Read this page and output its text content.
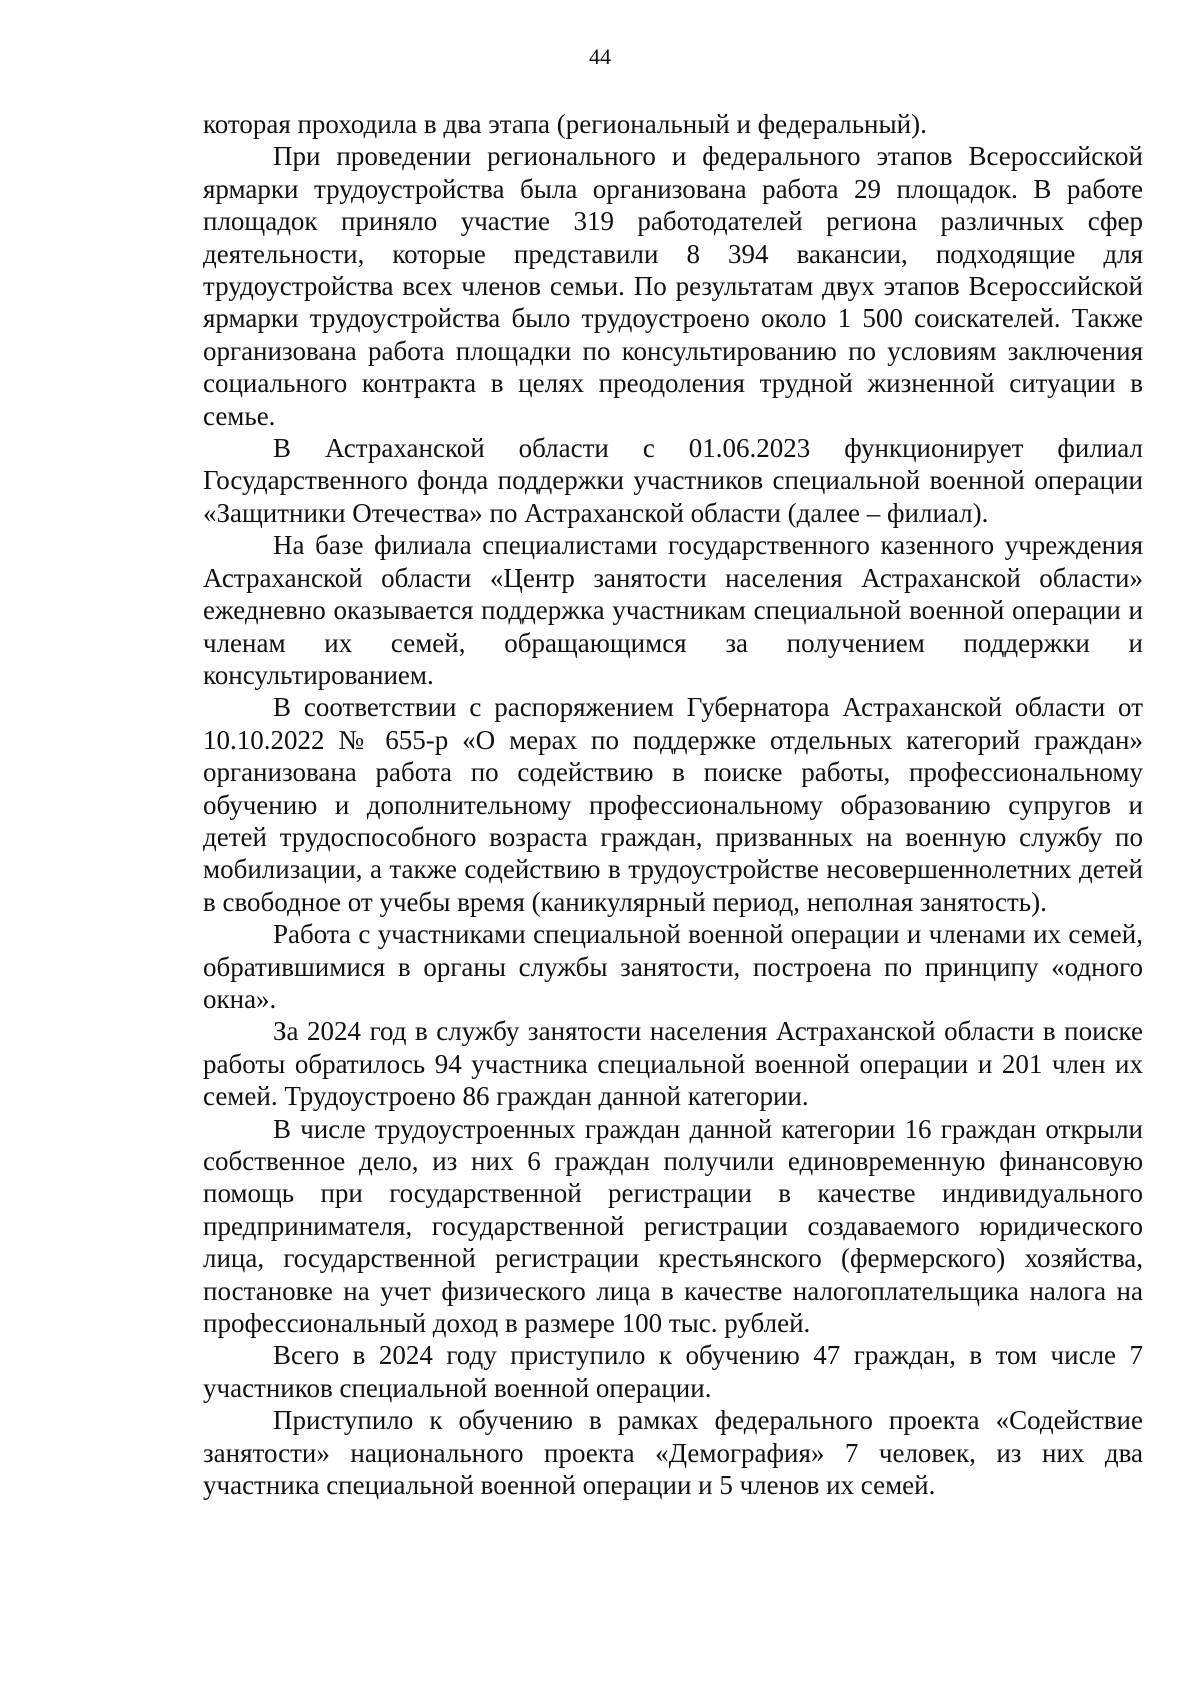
44

которая проходила в два этапа (региональный и федеральный).

При проведении регионального и федерального этапов Всероссийской ярмарки трудоустройства была организована работа 29 площадок. В работе площадок приняло участие 319 работодателей региона различных сфер деятельности, которые представили 8 394 вакансии, подходящие для трудоустройства всех членов семьи. По результатам двух этапов Всероссийской ярмарки трудоустройства было трудоустроено около 1 500 соискателей. Также организована работа площадки по консультированию по условиям заключения социального контракта в целях преодоления трудной жизненной ситуации в семье.

В Астраханской области с 01.06.2023 функционирует филиал Государственного фонда поддержки участников специальной военной операции «Защитники Отечества» по Астраханской области (далее – филиал).

На базе филиала специалистами государственного казенного учреждения Астраханской области «Центр занятости населения Астраханской области» ежедневно оказывается поддержка участникам специальной военной операции и членам их семей, обращающимся за получением поддержки и консультированием.

В соответствии с распоряжением Губернатора Астраханской области от 10.10.2022 № 655-р «О мерах по поддержке отдельных категорий граждан» организована работа по содействию в поиске работы, профессиональному обучению и дополнительному профессиональному образованию супругов и детей трудоспособного возраста граждан, призванных на военную службу по мобилизации, а также содействию в трудоустройстве несовершеннолетних детей в свободное от учебы время (каникулярный период, неполная занятость).

Работа с участниками специальной военной операции и членами их семей, обратившимися в органы службы занятости, построена по принципу «одного окна».

За 2024 год в службу занятости населения Астраханской области в поиске работы обратилось 94 участника специальной военной операции и 201 член их семей. Трудоустроено 86 граждан данной категории.

В числе трудоустроенных граждан данной категории 16 граждан открыли собственное дело, из них 6 граждан получили единовременную финансовую помощь при государственной регистрации в качестве индивидуального предпринимателя, государственной регистрации создаваемого юридического лица, государственной регистрации крестьянского (фермерского) хозяйства, постановке на учет физического лица в качестве налогоплательщика налога на профессиональный доход в размере 100 тыс. рублей.

Всего в 2024 году приступило к обучению 47 граждан, в том числе 7 участников специальной военной операции.

Приступило к обучению в рамках федерального проекта «Содействие занятости» национального проекта «Демография» 7 человек, из них два участника специальной военной операции и 5 членов их семей.
